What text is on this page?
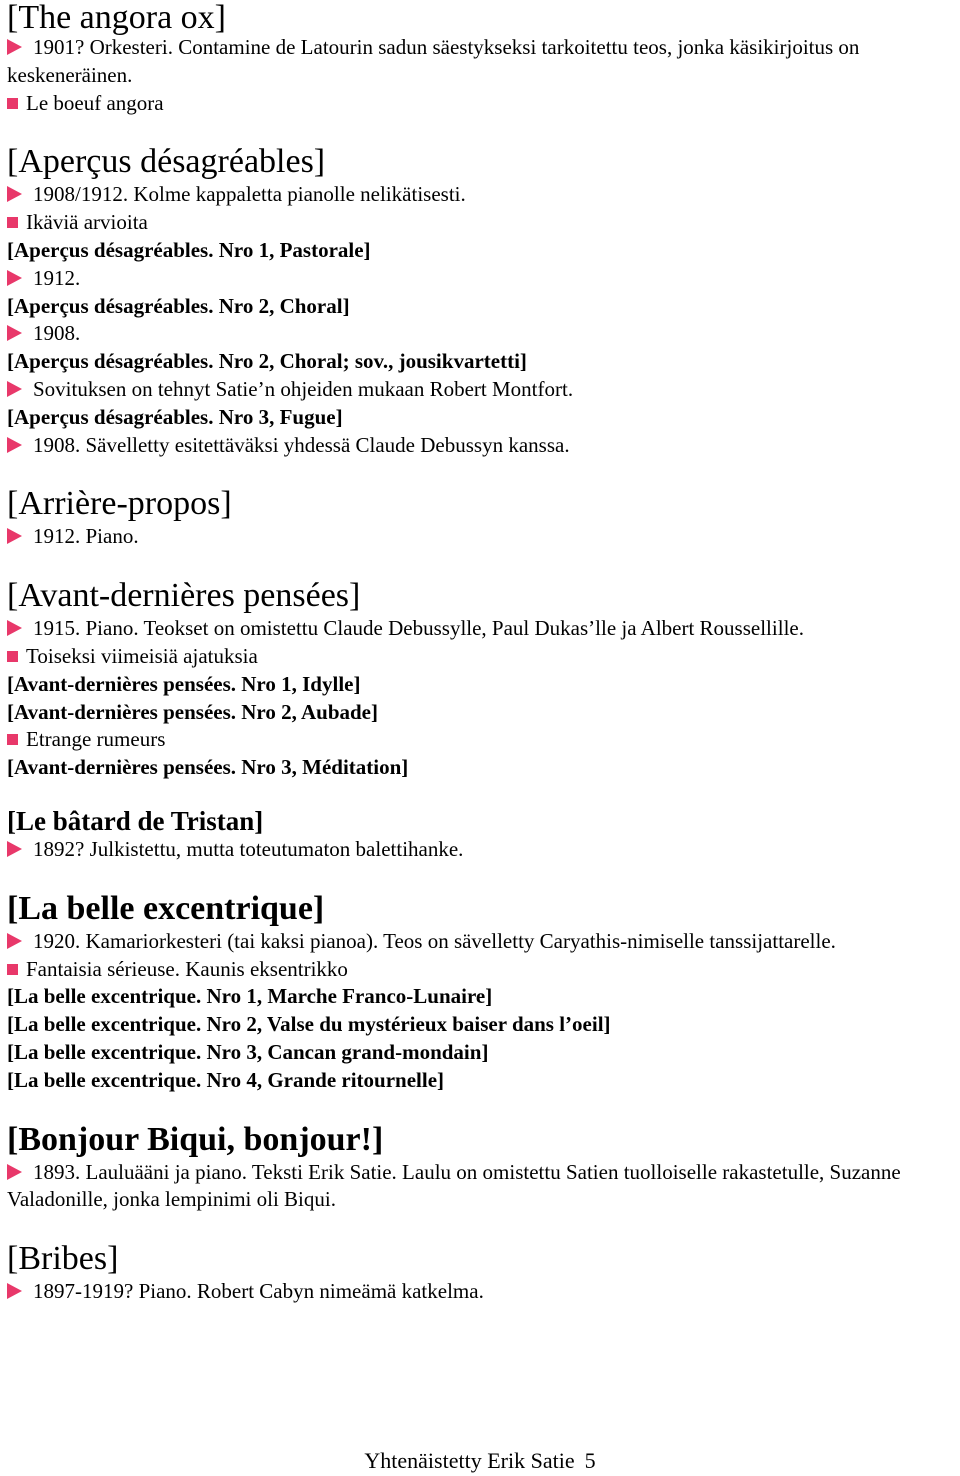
[The angora ox]
1901? Orkesteri. Contamine de Latourin sadun säestykseksi tarkoitettu teos, jonka käsikirjoitus on keskeneräinen.
Le boeuf angora
[Aperçus désagréables]
1908/1912. Kolme kappaletta pianolle nelikätisesti.
Ikäviä arvioita
[Aperçus désagréables. Nro 1, Pastorale]
1912.
[Aperçus désagréables. Nro 2, Choral]
1908.
[Aperçus désagréables. Nro 2, Choral; sov., jousikvartetti]
Sovituksen on tehnyt Satie’n ohjeiden mukaan Robert Montfort.
[Aperçus désagréables. Nro 3, Fugue]
1908. Sävelletty esitettäväksi yhdessä Claude Debussyn kanssa.
[Arrière-propos]
1912. Piano.
[Avant-dernières pensées]
1915. Piano. Teokset on omistettu Claude Debussylle, Paul Dukas’lle ja Albert Roussellille.
Toiseksi viimeisiä ajatuksia
[Avant-dernières pensées. Nro 1, Idylle]
[Avant-dernières pensées. Nro 2, Aubade]
Etrange rumeurs
[Avant-dernières pensées. Nro 3, Méditation]
[Le bâtard de Tristan]
1892? Julkistettu, mutta toteutumaton balettihanke.
[La belle excentrique]
1920. Kamariorkesteri (tai kaksi pianoa). Teos on sävelletty Caryathis-nimiselle tanssijattarelle.
Fantaisia sérieuse. Kaunis eksentrikko
[La belle excentrique. Nro 1, Marche Franco-Lunaire]
[La belle excentrique. Nro 2, Valse du mystérieux baiser dans l’oeil]
[La belle excentrique. Nro 3, Cancan grand-mondain]
[La belle excentrique. Nro 4, Grande ritournelle]
[Bonjour Biqui, bonjour!]
1893. Lauluääni ja piano. Teksti Erik Satie. Laulu on omistettu Satien tuolloiselle rakastetulle, Suzanne Valadonille, jonka lempinimi oli Biqui.
[Bribes]
1897-1919? Piano. Robert Cabyn nimeämä katkelma.
Yhtenäistetty Erik Satie 5
